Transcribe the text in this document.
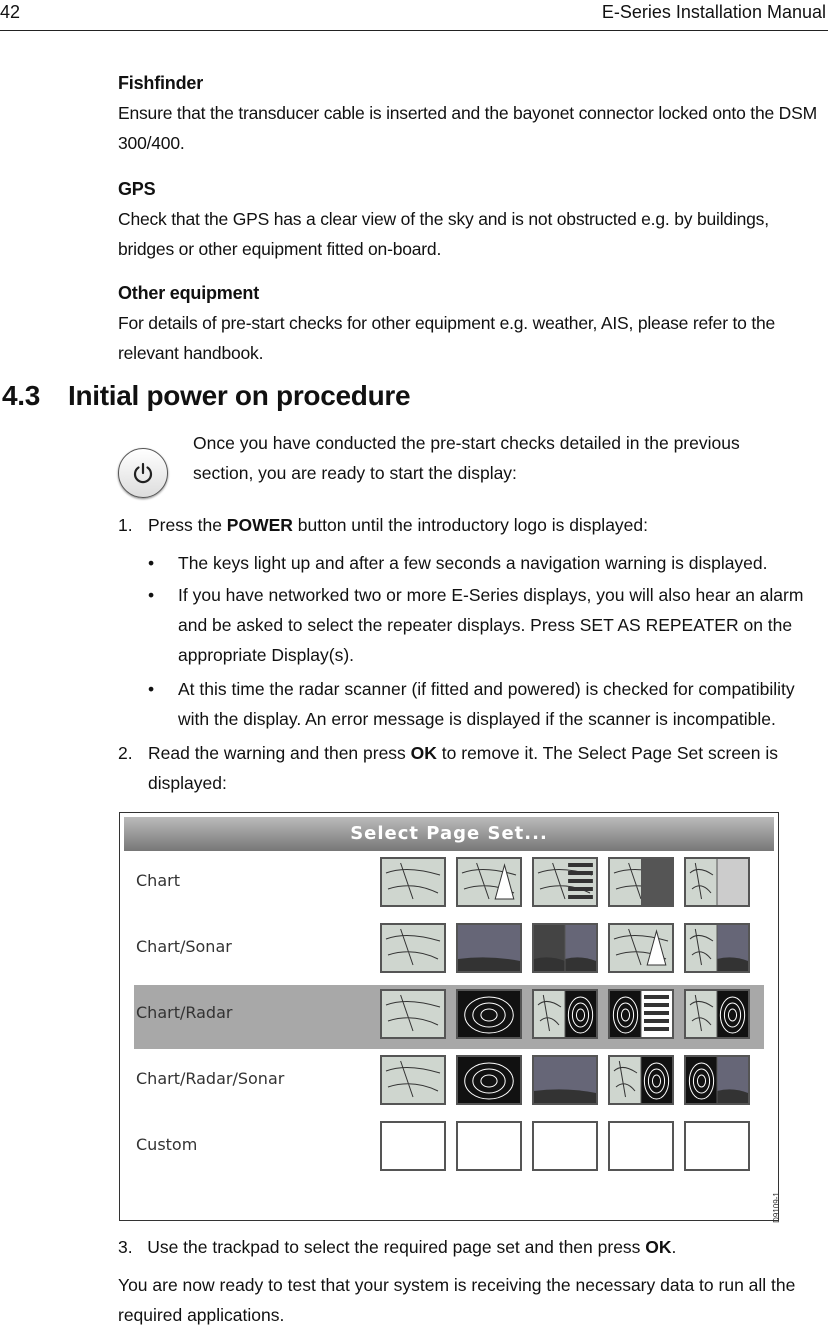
42	E-Series Installation Manual
Fishfinder
Ensure that the transducer cable is inserted and the bayonet connector locked onto the DSM 300/400.
GPS
Check that the GPS has a clear view of the sky and is not obstructed e.g. by buildings, bridges or other equipment fitted on-board.
Other equipment
For details of pre-start checks for other equipment e.g. weather, AIS, please refer to the relevant handbook.
4.3 Initial power on procedure
Once you have conducted the pre-start checks detailed in the previous section, you are ready to start the display:
1. Press the POWER button until the introductory logo is displayed:
• The keys light up and after a few seconds a navigation warning is displayed.
• If you have networked two or more E-Series displays, you will also hear an alarm and be asked to select the repeater displays. Press SET AS REPEATER on the appropriate Display(s).
• At this time the radar scanner (if fitted and powered) is checked for compatibility with the display. An error message is displayed if the scanner is incompatible.
2. Read the warning and then press OK to remove it. The Select Page Set screen is displayed:
Select Page Set...
Chart
Chart/Sonar
Chart/Radar
Chart/Radar/Sonar
Custom
D9109-1
3. Use the trackpad to select the required page set and then press OK.
You are now ready to test that your system is receiving the necessary data to run all the required applications.
